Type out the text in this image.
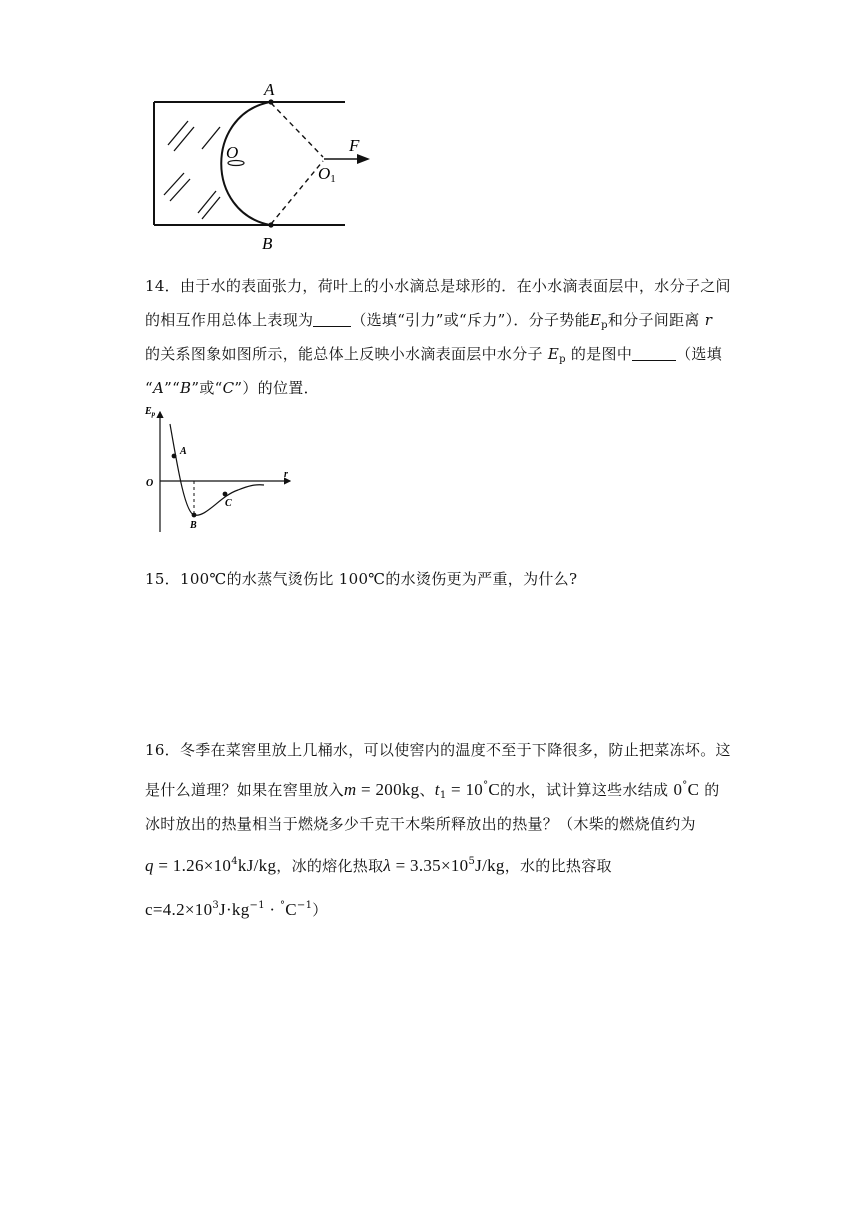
A
B
O	F
O1
14．由于水的表面张力，荷叶上的小水滴总是球形的．在小水滴表面层中，水分子之间
的相互作用总体上表现为	（选填“引力”或“斥力”）．分子势能$E_p$和分子间距离 r
的关系图象如图所示，能总体上反映小水滴表面层中水分子 $E_p$ 的是图中	（选填
“A”“B”或“C”）的位置．
$E_p$
r
O
A
B
C
15．100℃的水蒸气烫伤比 100℃的水烫伤更为严重，为什么?
16．冬季在菜窖里放上几桶水，可以使窖内的温度不至于下降很多，防止把菜冻坏。这
是什么道理？如果在窖里放入m = 200kg、$t_1 = 10^\circ C$的水，试计算这些水结成 0°C 的
冰时放出的热量相当于燃烧多少千克干木柴所释放出的热量？（木柴的燃烧值约为
$q = 1.26\times 10^4kJ/kg$，冰的熔化热取$\lambda = 3.35\times 10^5J/kg$，水的比热容取
$c=4.2\times 10^3J\cdot kg^{-1} \cdot ^\circ C^{-1}$）
